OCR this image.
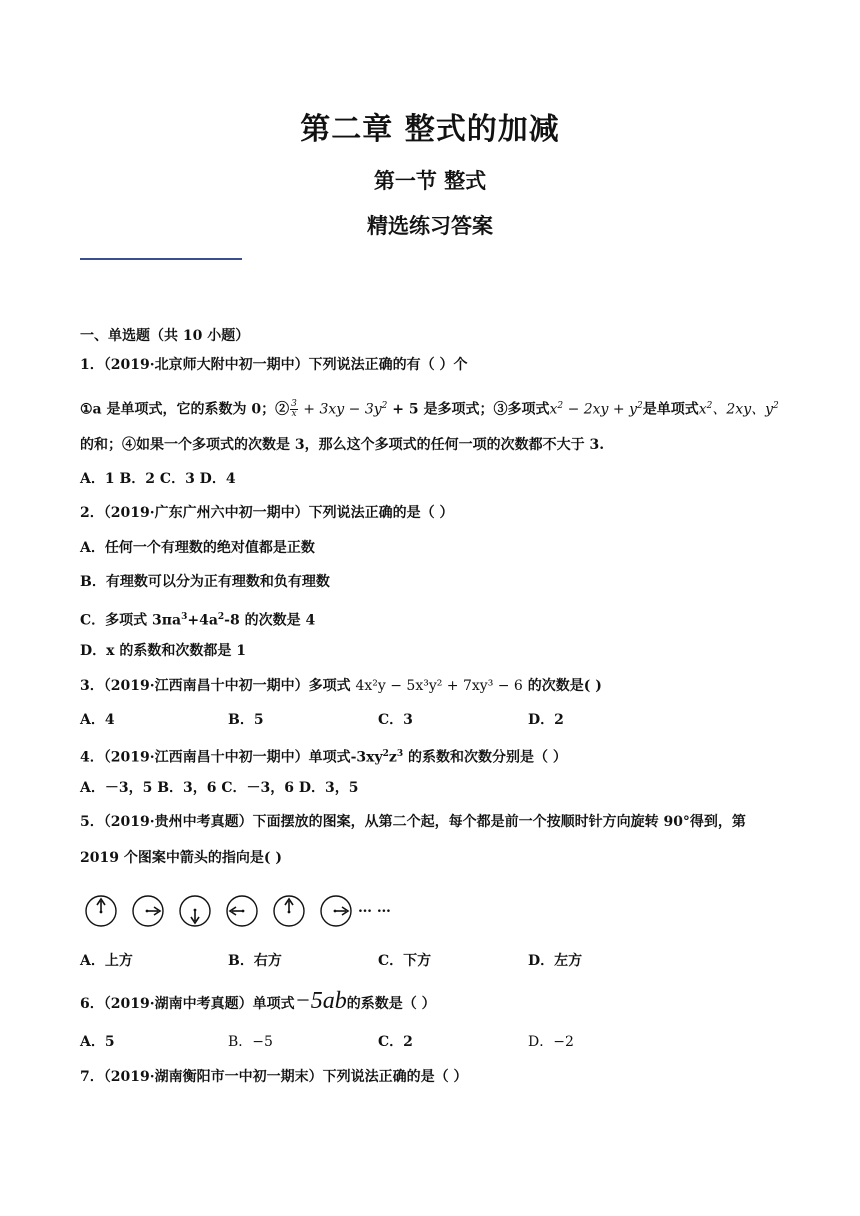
第二章 整式的加减
第一节 整式
精选练习答案
一、单选题（共 10 小题）
1．（2019·北京师大附中初一期中）下列说法正确的有（ ）个
①a 是单项式，它的系数为 0；② $\frac{3}{x} + 3xy - 3y^2 + 5$ 是多项式；③多项式$x^2 - 2xy + y^2$是单项式$x^2$、2xy、$y^2$
的和；④如果一个多项式的次数是 3，那么这个多项式的任何一项的次数都不大于 3.
A．1 B．2 C．3 D．4
2．（2019·广东广州六中初一期中）下列说法正确的是（ ）
A．任何一个有理数的绝对值都是正数
B．有理数可以分为正有理数和负有理数
C．多项式 $3\pi a^3+4a^2-8$ 的次数是 4
D．x 的系数和次数都是 1
3．（2019·江西南昌十中初一期中）多项式 4x²y − 5x³y² + 7xy³ − 6 的次数是( )
A．4	B．5	C．3	D．2
4．（2019·江西南昌十中初一期中）单项式$-3xy^2z^3$ 的系数和次数分别是（ ）
A．－3，5 B．3，6 C．－3，6 D．3，5
5．（2019·贵州中考真题）下面摆放的图案，从第二个起，每个都是前一个按顺时针方向旋转 90°得到，第
2019 个图案中箭头的指向是( )
… …
A．上方	B．右方	C．下方	D．左方
6．（2019·湖南中考真题）单项式−5ab的系数是（ ）
A．5	B．−5	C．2	D．−2
7．（2019·湖南衡阳市一中初一期末）下列说法正确的是（ ）
